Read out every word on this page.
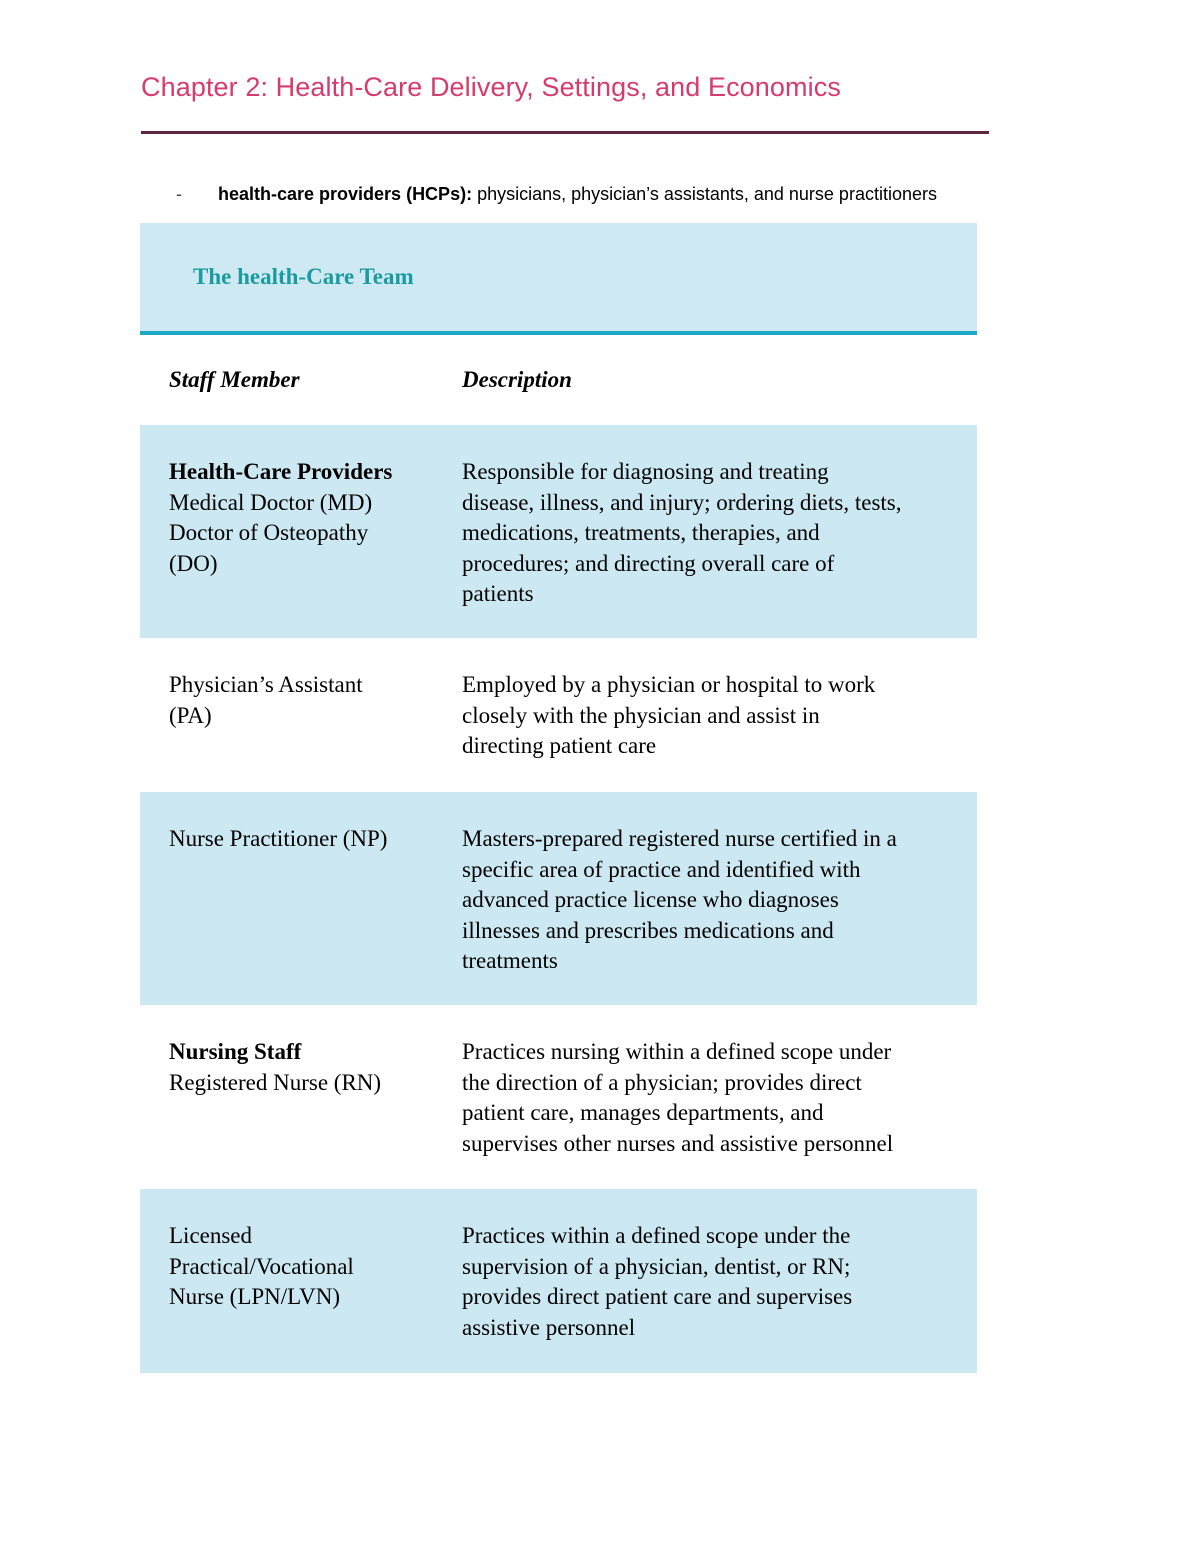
Chapter 2: Health-Care Delivery, Settings, and Economics
- health-care providers (HCPs): physicians, physician’s assistants, and nurse practitioners
The health-Care Team
Staff Member	Description
Health-Care Providers
Medical Doctor (MD)
Doctor of Osteopathy
(DO)
Responsible for diagnosing and treating
disease, illness, and injury; ordering diets, tests,
medications, treatments, therapies, and
procedures; and directing overall care of
patients
Physician’s Assistant
(PA)
Employed by a physician or hospital to work
closely with the physician and assist in
directing patient care
Nurse Practitioner (NP)	Masters-prepared registered nurse certified in a
specific area of practice and identified with
advanced practice license who diagnoses
illnesses and prescribes medications and
treatments
Nursing Staff
Registered Nurse (RN)
Practices nursing within a defined scope under
the direction of a physician; provides direct
patient care, manages departments, and
supervises other nurses and assistive personnel
Licensed
Practical/Vocational
Nurse (LPN/LVN)
Practices within a defined scope under the
supervision of a physician, dentist, or RN;
provides direct patient care and supervises
assistive personnel
